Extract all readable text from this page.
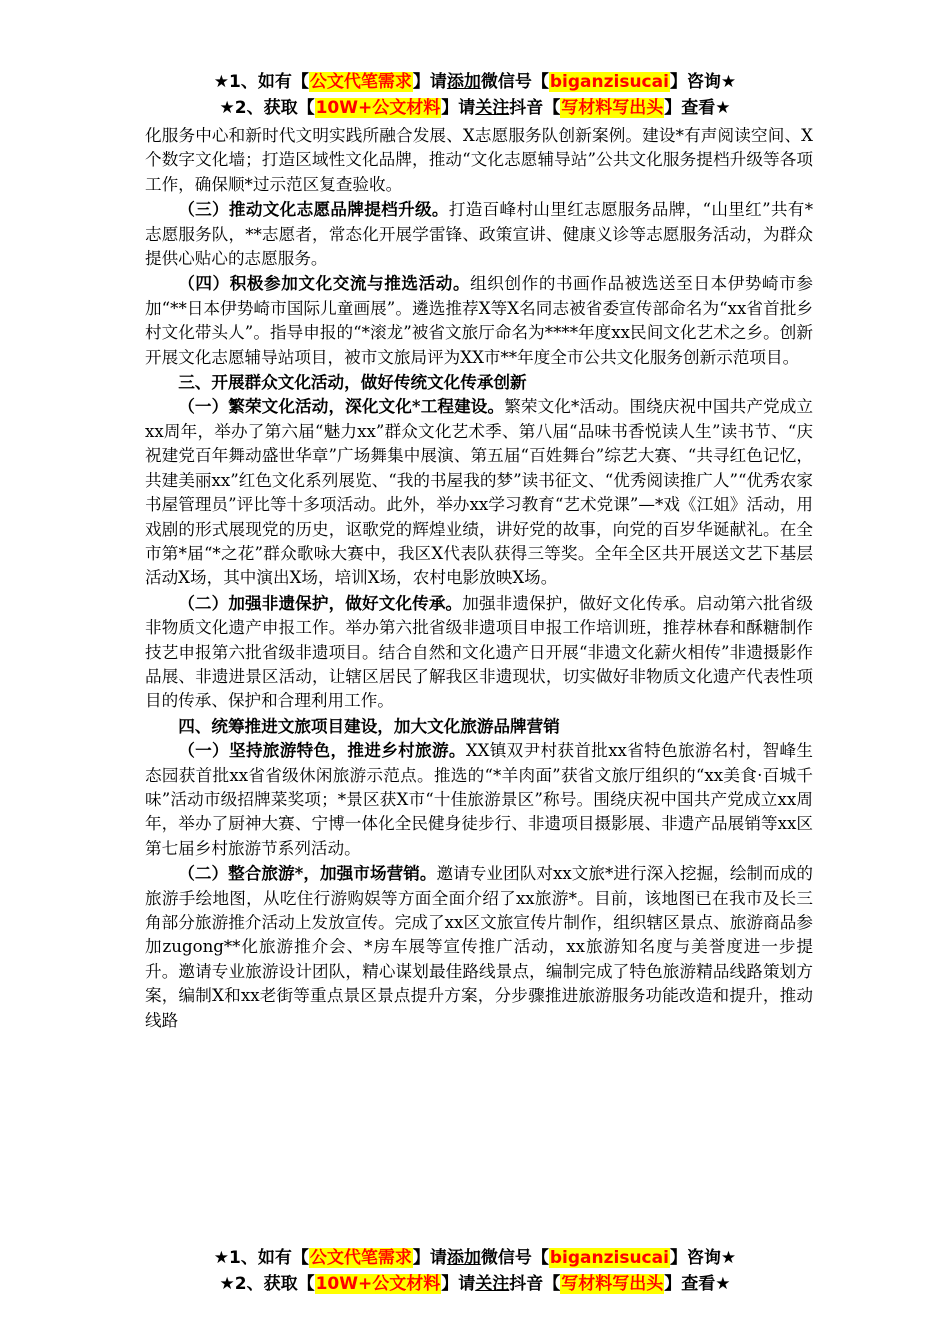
★1、如有【公文代笔需求】请添加微信号【biganzisucai】咨询★
★2、获取【10W+公文材料】请关注抖音【写材料写出头】查看★

化服务中心和新时代文明实践所融合发展、X志愿服务队创新案例。建设*有声阅读空间、X个数字文化墙；打造区域性文化品牌，推动“文化志愿辅导站”公共文化服务提档升级等各项工作，确保顺*过示范区复查验收。

（三）推动文化志愿品牌提档升级。打造百峰村山里红志愿服务品牌，“山里红”共有*志愿服务队，**志愿者，常态化开展学雷锋、政策宣讲、健康义诊等志愿服务活动，为群众提供心贴心的志愿服务。

（四）积极参加文化交流与推选活动。组织创作的书画作品被选送至日本伊势崎市参加“**日本伊势崎市国际儿童画展”。遴选推荐X等X名同志被省委宣传部命名为“xx省首批乡村文化带头人”。指导申报的“*滚龙”被省文旅厅命名为****年度xx民间文化艺术之乡。创新开展文化志愿辅导站项目，被市文旅局评为XX市**年度全市公共文化服务创新示范项目。

三、开展群众文化活动，做好传统文化传承创新

（一）繁荣文化活动，深化文化*工程建设。繁荣文化*活动。围绕庆祝中国共产党成立xx周年，举办了第六届“魅力xx”群众文化艺术季、第八届“品味书香悦读人生”读书节、“庆祝建党百年舞动盛世华章”广场舞集中展演、第五届“百姓舞台”综艺大赛、“共寻红色记忆，共建美丽xx”红色文化系列展览、“我的书屋我的梦”读书征文、“优秀阅读推广人”“优秀农家书屋管理员”评比等十多项活动。此外，举办xx学习教育“艺术党课”—*戏《江姐》活动，用戏剧的形式展现党的历史，讴歌党的辉煌业绩，讲好党的故事，向党的百岁华诞献礼。在全市第*届“*之花”群众歌咏大赛中，我区X代表队获得三等奖。全年全区共开展送文艺下基层活动X场，其中演出X场，培训X场，农村电影放映X场。

（二）加强非遗保护，做好文化传承。加强非遗保护，做好文化传承。启动第六批省级非物质文化遗产申报工作。举办第六批省级非遗项目申报工作培训班，推荐林春和酥糖制作技艺申报第六批省级非遗项目。结合自然和文化遗产日开展“非遗文化薪火相传”非遗摄影作品展、非遗进景区活动，让辖区居民了解我区非遗现状，切实做好非物质文化遗产代表性项目的传承、保护和合理利用工作。

四、统筹推进文旅项目建设，加大文化旅游品牌营销

（一）坚持旅游特色，推进乡村旅游。XX镇双尹村获首批xx省特色旅游名村，智峰生态园获首批xx省省级休闲旅游示范点。推选的“*羊肉面”获省文旅厅组织的“xx美食·百城千味”活动市级招牌菜奖项；*景区获X市“十佳旅游景区”称号。围绕庆祝中国共产党成立xx周年，举办了厨神大赛、宁博一体化全民健身徒步行、非遗项目摄影展、非遗产品展销等xx区第七届乡村旅游节系列活动。

（二）整合旅游*，加强市场营销。邀请专业团队对xx文旅*进行深入挖掘，绘制而成的旅游手绘地图，从吃住行游购娱等方面全面介绍了xx旅游*。目前，该地图已在我市及长三角部分旅游推介活动上发放宣传。完成了xx区文旅宣传片制作，组织辖区景点、旅游商品参加zugong**化旅游推介会、*房车展等宣传推广活动，xx旅游知名度与美誉度进一步提升。邀请专业旅游设计团队，精心谋划最佳路线景点，编制完成了特色旅游精品线路策划方案，编制X和xx老街等重点景区景点提升方案，分步骤推进旅游服务功能改造和提升，推动线路

★1、如有【公文代笔需求】请添加微信号【biganzisucai】咨询★
★2、获取【10W+公文材料】请关注抖音【写材料写出头】查看★
